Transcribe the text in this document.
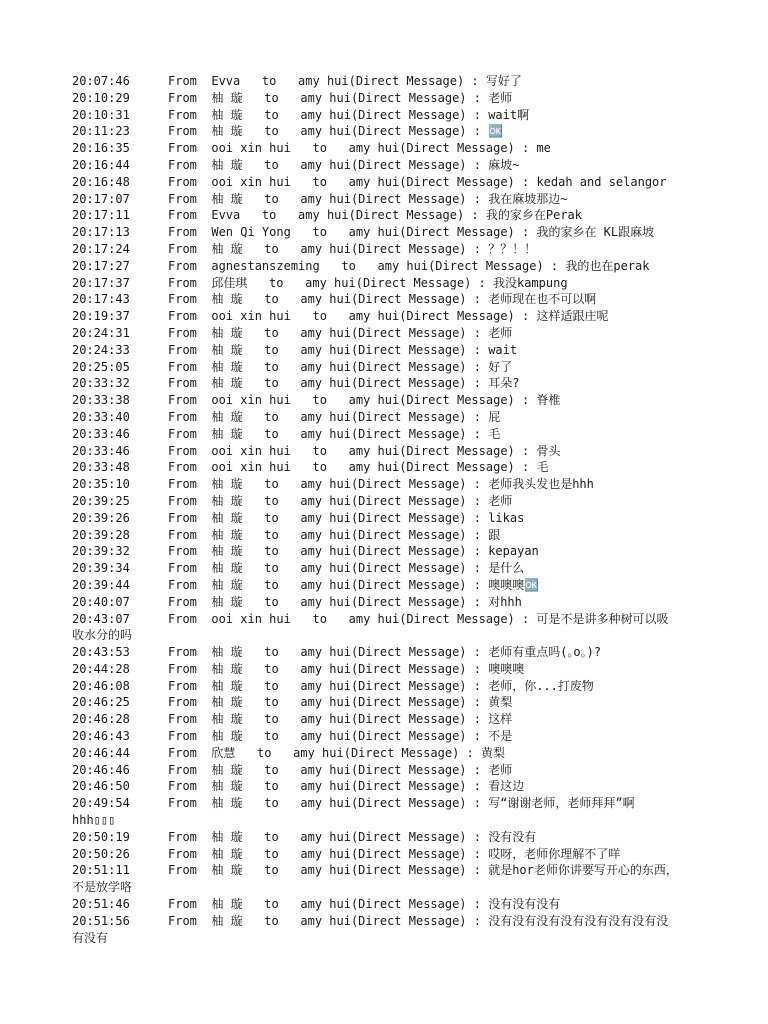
20:07:46	From  Evva   to   amy hui(Direct Message) : 写好了
20:10:29	From  柚 璇   to   amy hui(Direct Message) : 老师
20:10:31	From  柚 璇   to   amy hui(Direct Message) : wait啊
20:11:23	From  柚 璇   to   amy hui(Direct Message) : 🆗
20:16:35	From  ooi xin hui   to   amy hui(Direct Message) : me
20:16:44	From  柚 璇   to   amy hui(Direct Message) : 麻坡~
20:16:48	From  ooi xin hui   to   amy hui(Direct Message) : kedah and selangor
20:17:07	From  柚 璇   to   amy hui(Direct Message) : 我在麻坡那边~
20:17:11	From  Evva   to   amy hui(Direct Message) : 我的家乡在Perak
20:17:13	From  Wen Qi Yong   to   amy hui(Direct Message) : 我的家乡在 KL跟麻坡
20:17:24	From  柚 璇   to   amy hui(Direct Message) : ？？！！
20:17:27	From  agnestanszeming   to   amy hui(Direct Message) : 我的也在perak
20:17:37	From  邱佳琪   to   amy hui(Direct Message) : 我没kampung
20:17:43	From  柚 璇   to   amy hui(Direct Message) : 老师现在也不可以啊
20:19:37	From  ooi xin hui   to   amy hui(Direct Message) : 这样适跟庄呢
20:24:31	From  柚 璇   to   amy hui(Direct Message) : 老师
20:24:33	From  柚 璇   to   amy hui(Direct Message) : wait
20:25:05	From  柚 璇   to   amy hui(Direct Message) : 好了
20:33:32	From  柚 璇   to   amy hui(Direct Message) : 耳朵?
20:33:38	From  ooi xin hui   to   amy hui(Direct Message) : 脊椎
20:33:40	From  柚 璇   to   amy hui(Direct Message) : 屁
20:33:46	From  柚 璇   to   amy hui(Direct Message) : 毛
20:33:46	From  ooi xin hui   to   amy hui(Direct Message) : 骨头
20:33:48	From  ooi xin hui   to   amy hui(Direct Message) : 毛
20:35:10	From  柚 璇   to   amy hui(Direct Message) : 老师我头发也是hhh
20:39:25	From  柚 璇   to   amy hui(Direct Message) : 老师
20:39:26	From  柚 璇   to   amy hui(Direct Message) : likas
20:39:28	From  柚 璇   to   amy hui(Direct Message) : 跟
20:39:32	From  柚 璇   to   amy hui(Direct Message) : kepayan
20:39:34	From  柚 璇   to   amy hui(Direct Message) : 是什么
20:39:44	From  柚 璇   to   amy hui(Direct Message) : 噢噢噢🆗
20:40:07	From  柚 璇   to   amy hui(Direct Message) : 对hhh
20:43:07	From  ooi xin hui   to   amy hui(Direct Message) : 可是不是讲多种树可以吸
收水分的吗
20:43:53	From  柚 璇   to   amy hui(Direct Message) : 老师有重点吗(｡o｡)?
20:44:28	From  柚 璇   to   amy hui(Direct Message) : 噢噢噢
20:46:08	From  柚 璇   to   amy hui(Direct Message) : 老师，你...打废物
20:46:25	From  柚 璇   to   amy hui(Direct Message) : 黄梨
20:46:28	From  柚 璇   to   amy hui(Direct Message) : 这样
20:46:43	From  柚 璇   to   amy hui(Direct Message) : 不是
20:46:44	From  欣慧   to   amy hui(Direct Message) : 黄梨
20:46:46	From  柚 璇   to   amy hui(Direct Message) : 老师
20:46:50	From  柚 璇   to   amy hui(Direct Message) : 看这边
20:49:54	From  柚 璇   to   amy hui(Direct Message) : 写“谢谢老师，老师拜拜”啊
hhh▯▯▯
20:50:19	From  柚 璇   to   amy hui(Direct Message) : 没有没有
20:50:26	From  柚 璇   to   amy hui(Direct Message) : 哎呀，老师你理解不了咩
20:51:11	From  柚 璇   to   amy hui(Direct Message) : 就是hor老师你讲要写开心的东西，
不是放学咯
20:51:46	From  柚 璇   to   amy hui(Direct Message) : 没有没有没有
20:51:56	From  柚 璇   to   amy hui(Direct Message) : 没有没有没有没有没有没有没有没
有没有
